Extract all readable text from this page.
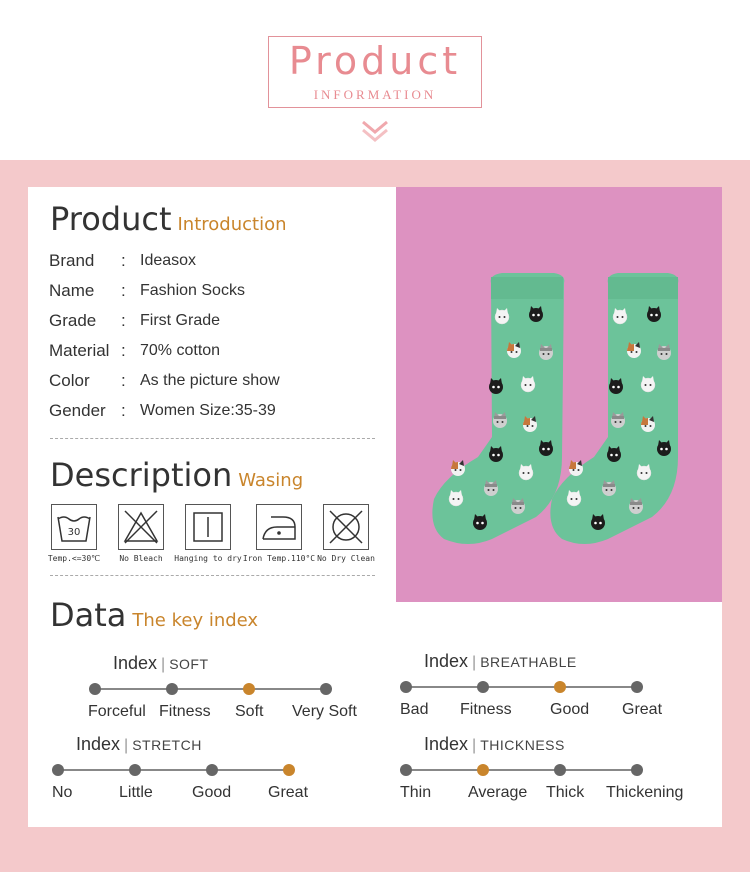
Product
INFORMATION
Product Introduction
Brand	: Ideasox
Name	: Fashion Socks
Grade	: First Grade
Material : 70% cotton
Color	: As the picture show
Gender : Women Size:35-39
Description Wasing
30
Temp.<=30℃	No Bleach	Hanging to dry Iron Temp.110°C No Dry Clean
Data The key index
Index | SOFT
Forceful Fitness Soft Very Soft
Index | BREATHABLE
Bad Fitness Good Great
Index | STRETCH
No	Little Good Great
Index | THICKNESS
Thin Average Thick Thickening
